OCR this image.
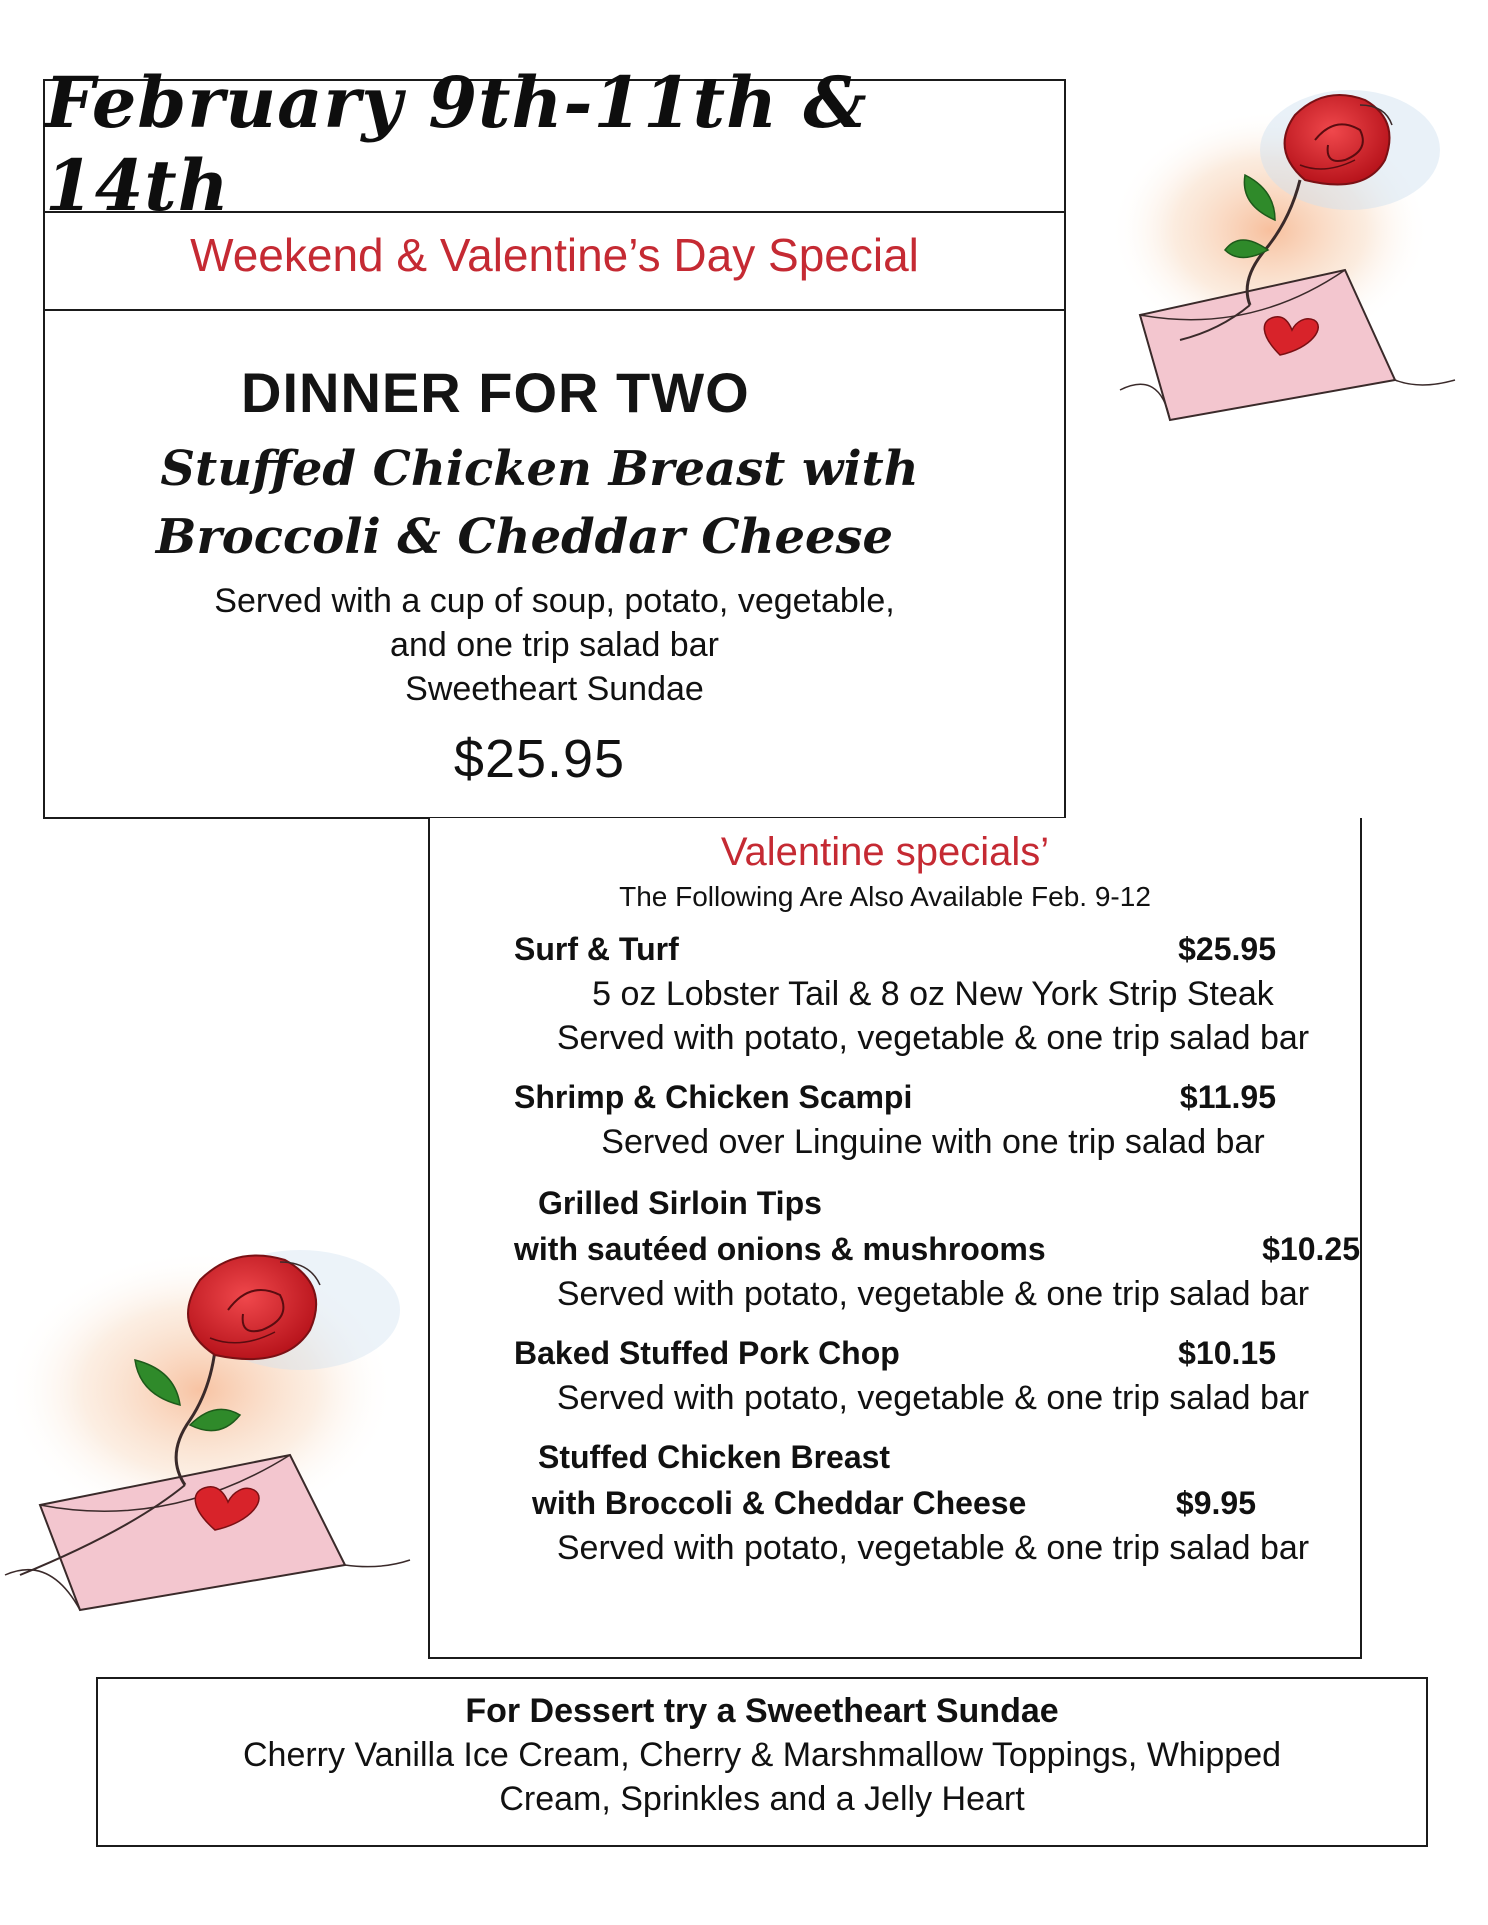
February 9th-11th & 14th
Weekend & Valentine’s Day Special
DINNER FOR TWO
Stuffed Chicken Breast with
Broccoli & Cheddar Cheese
Served with a cup of soup, potato, vegetable,
and one trip salad bar
Sweetheart Sundae
$25.95
Valentine specials’
The Following Are Also Available Feb. 9-12
Surf & Turf	$25.95
5 oz Lobster Tail & 8 oz New York Strip Steak
Served with potato, vegetable & one trip salad bar
Shrimp & Chicken Scampi	$11.95
Served over Linguine with one trip salad bar
Grilled Sirloin Tips
with sautéed onions & mushrooms	$10.25
Served with potato, vegetable & one trip salad bar
Baked Stuffed Pork Chop	$10.15
Served with potato, vegetable & one trip salad bar
Stuffed Chicken Breast
with Broccoli & Cheddar Cheese	$9.95
Served with potato, vegetable & one trip salad bar
For Dessert try a Sweetheart Sundae
Cherry Vanilla Ice Cream, Cherry & Marshmallow Toppings, Whipped
Cream, Sprinkles and a Jelly Heart
